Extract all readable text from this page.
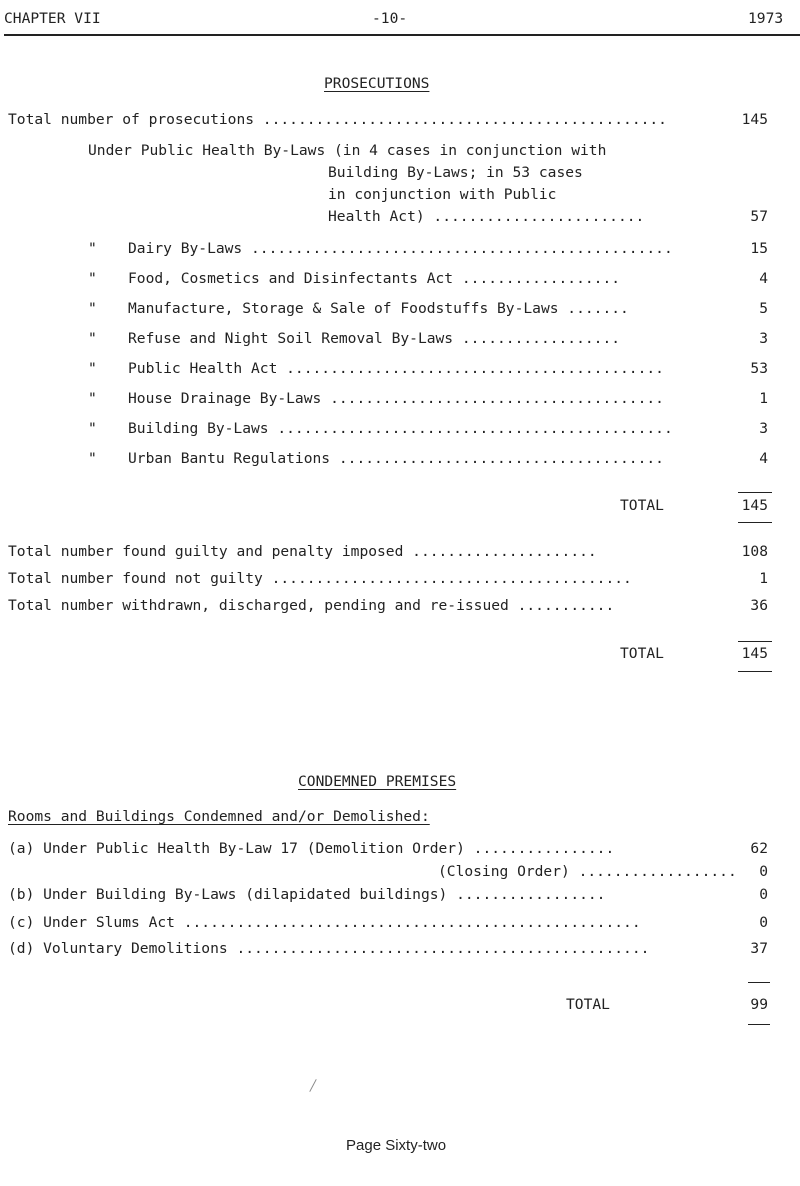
CHAPTER VII	-10-	1973
PROSECUTIONS
Total number of prosecutions ..............................................	145
Under Public Health By-Laws (in 4 cases in conjunction with
Building By-Laws; in 53 cases
in conjunction with Public
Health Act) ........................	57
" Dairy By-Laws ................................................	15
" Food, Cosmetics and Disinfectants Act ..................	4
" Manufacture, Storage & Sale of Foodstuffs By-Laws .......	5
" Refuse and Night Soil Removal By-Laws ..................	3
" Public Health Act ...........................................	53
" House Drainage By-Laws ......................................	1
" Building By-Laws .............................................	3
" Urban Bantu Regulations .....................................	4
TOTAL	145
Total number found guilty and penalty imposed .....................	108
Total number found not guilty .........................................	1
Total number withdrawn, discharged, pending and re-issued ...........	36
TOTAL	145
CONDEMNED PREMISES
Rooms and Buildings Condemned and/or Demolished:
(a) Under Public Health By-Law 17 (Demolition Order) ................	62
(Closing Order) .................. 0
(b) Under Building By-Laws (dilapidated buildings) .................	0
(c) Under Slums Act ....................................................	0
(d) Voluntary Demolitions ...............................................	37
TOTAL	99
Page Sixty-two
